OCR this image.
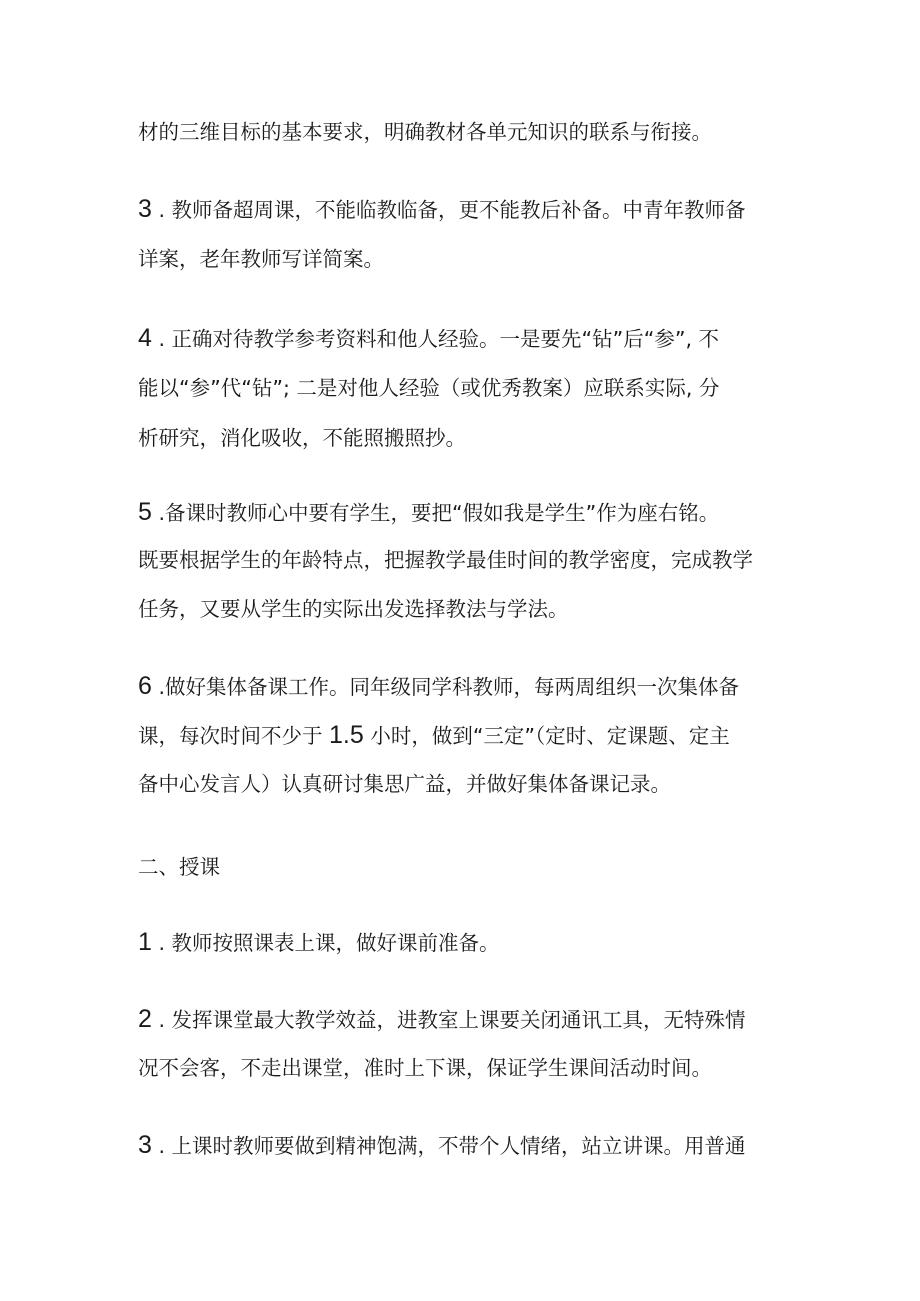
材的三维目标的基本要求，明确教材各单元知识的联系与衔接。
3 . 教师备超周课，不能临教临备，更不能教后补备。中青年教师备
详案，老年教师写详简案。
4 . 正确对待教学参考资料和他人经验。一是要先“钻”后“参”, 不
能以“参”代“钻”; 二是对他人经验（或优秀教案）应联系实际, 分
析研究，消化吸收，不能照搬照抄。
5 .备课时教师心中要有学生，要把“假如我是学生”作为座右铭。
既要根据学生的年龄特点，把握教学最佳时间的教学密度，完成教学
任务，又要从学生的实际出发选择教法与学法。
6 .做好集体备课工作。同年级同学科教师，每两周组织一次集体备
课，每次时间不少于 1.5 小时，做到“三定”（定时、定课题、定主
备中心发言人）认真研讨集思广益，并做好集体备课记录。
二、授课
1 . 教师按照课表上课，做好课前准备。
2 . 发挥课堂最大教学效益，进教室上课要关闭通讯工具，无特殊情
况不会客，不走出课堂，准时上下课，保证学生课间活动时间。
3 . 上课时教师要做到精神饱满，不带个人情绪，站立讲课。用普通
